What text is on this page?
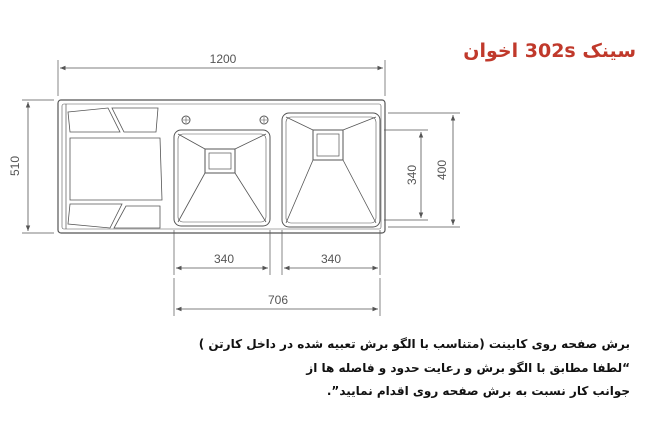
1200
510	340 400
340	340
706
سینک 302s اخوان
برش صفحه روی کابینت (متناسب با الگو برش تعبیه شده در داخل کارتن )
“لطفا مطابق با الگو برش و رعایت حدود و فاصله ها از
جوانب کار نسبت به برش صفحه روی اقدام نمایید”.
